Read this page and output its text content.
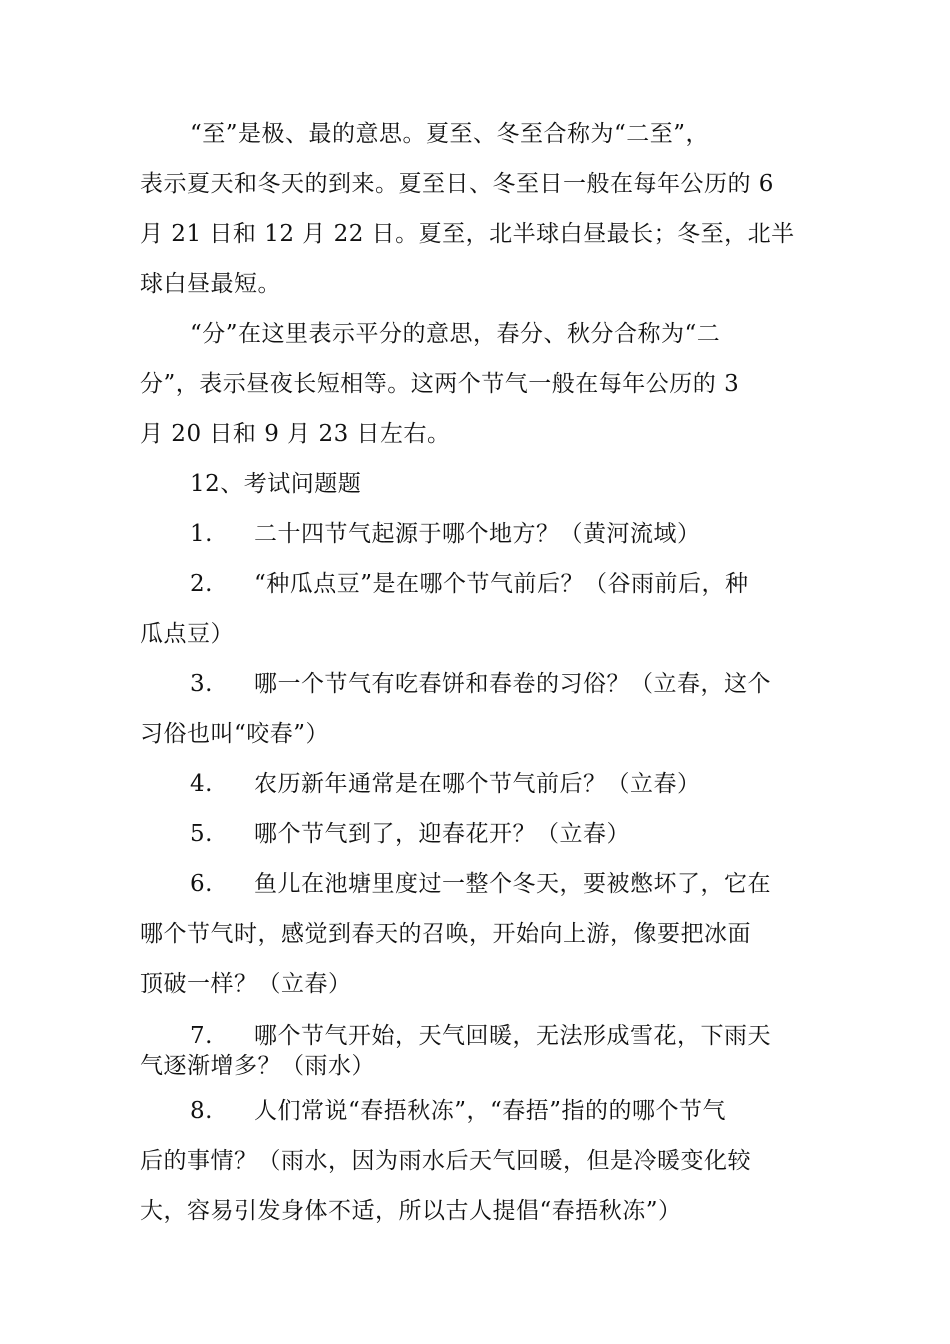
“至”是极、最的意思。夏至、冬至合称为“二至”，
表示夏天和冬天的到来。夏至日、冬至日一般在每年公历的 6
月 21 日和 12 月 22 日。夏至，北半球白昼最长；冬至，北半
球白昼最短。
“分”在这里表示平分的意思，春分、秋分合称为“二
分”，表示昼夜长短相等。这两个节气一般在每年公历的 3
月 20 日和 9 月 23 日左右。
12、考试问题题
1. 二十四节气起源于哪个地方？（黄河流域）
2. “种瓜点豆”是在哪个节气前后？（谷雨前后，种
瓜点豆）
3. 哪一个节气有吃春饼和春卷的习俗？（立春，这个
习俗也叫“咬春”）
4. 农历新年通常是在哪个节气前后？（立春）
5. 哪个节气到了，迎春花开？（立春）
6. 鱼儿在池塘里度过一整个冬天，要被憋坏了，它在
哪个节气时，感觉到春天的召唤，开始向上游，像要把冰面
顶破一样？（立春）
7. 哪个节气开始，天气回暖，无法形成雪花，下雨天
气逐渐增多？（雨水）
8. 人们常说“春捂秋冻”，“春捂”指的的哪个节气
后的事情？（雨水，因为雨水后天气回暖，但是冷暖变化较
大，容易引发身体不适，所以古人提倡“春捂秋冻”）
